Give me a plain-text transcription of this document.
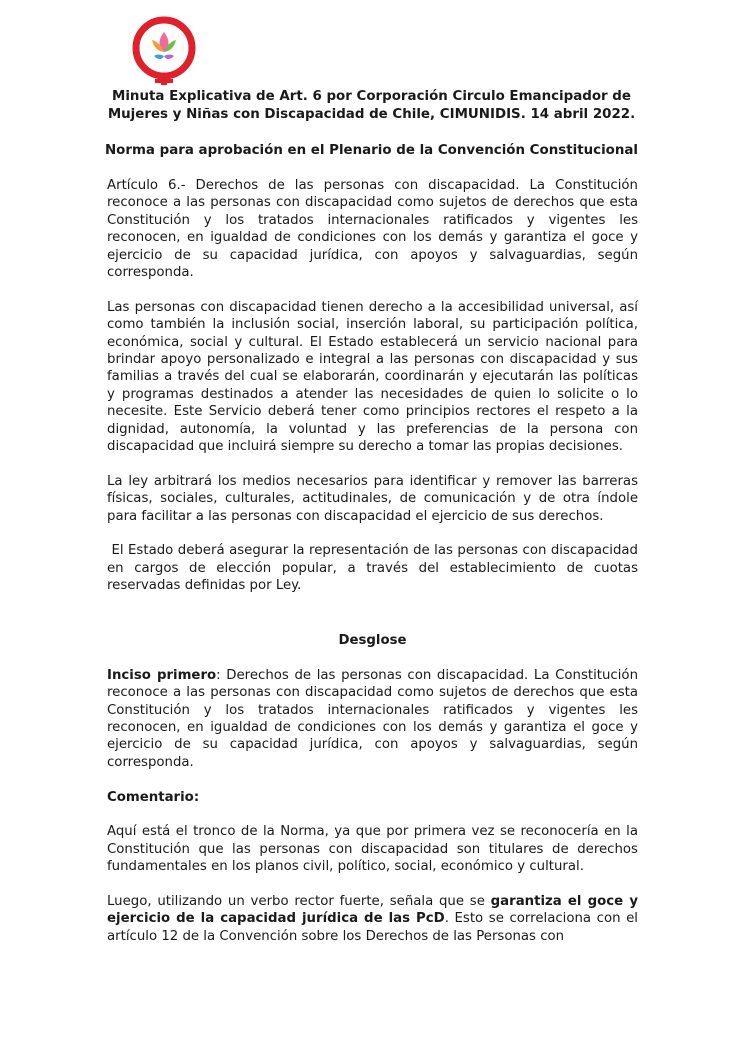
Minuta Explicativa de Art. 6 por Corporación Circulo Emancipador de
Mujeres y Niñas con Discapacidad de Chile, CIMUNIDIS. 14 abril 2022.
Norma para aprobación en el Plenario de la Convención Constitucional

Artículo 6.- Derechos de las personas con discapacidad. La Constitución reconoce a las personas con discapacidad como sujetos de derechos que esta Constitución y los tratados internacionales ratificados y vigentes les reconocen, en igualdad de condiciones con los demás y garantiza el goce y ejercicio de su capacidad jurídica, con apoyos y salvaguardias, según corresponda.

Las personas con discapacidad tienen derecho a la accesibilidad universal, así como también la inclusión social, inserción laboral, su participación política, económica, social y cultural. El Estado establecerá un servicio nacional para brindar apoyo personalizado e integral a las personas con discapacidad y sus familias a través del cual se elaborarán, coordinarán y ejecutarán las políticas y programas destinados a atender las necesidades de quien lo solicite o lo necesite. Este Servicio deberá tener como principios rectores el respeto a la dignidad, autonomía, la voluntad y las preferencias de la persona con discapacidad que incluirá siempre su derecho a tomar las propias decisiones.

La ley arbitrará los medios necesarios para identificar y remover las barreras físicas, sociales, culturales, actitudinales, de comunicación y de otra índole para facilitar a las personas con discapacidad el ejercicio de sus derechos.

El Estado deberá asegurar la representación de las personas con discapacidad en cargos de elección popular, a través del establecimiento de cuotas reservadas definidas por Ley.

Desglose

Inciso primero: Derechos de las personas con discapacidad. La Constitución reconoce a las personas con discapacidad como sujetos de derechos que esta Constitución y los tratados internacionales ratificados y vigentes les reconocen, en igualdad de condiciones con los demás y garantiza el goce y ejercicio de su capacidad jurídica, con apoyos y salvaguardias, según corresponda.

Comentario:

Aquí está el tronco de la Norma, ya que por primera vez se reconocería en la Constitución que las personas con discapacidad son titulares de derechos fundamentales en los planos civil, político, social, económico y cultural.

Luego, utilizando un verbo rector fuerte, señala que se garantiza el goce y ejercicio de la capacidad jurídica de las PcD. Esto se correlaciona con el artículo 12 de la Convención sobre los Derechos de las Personas con
